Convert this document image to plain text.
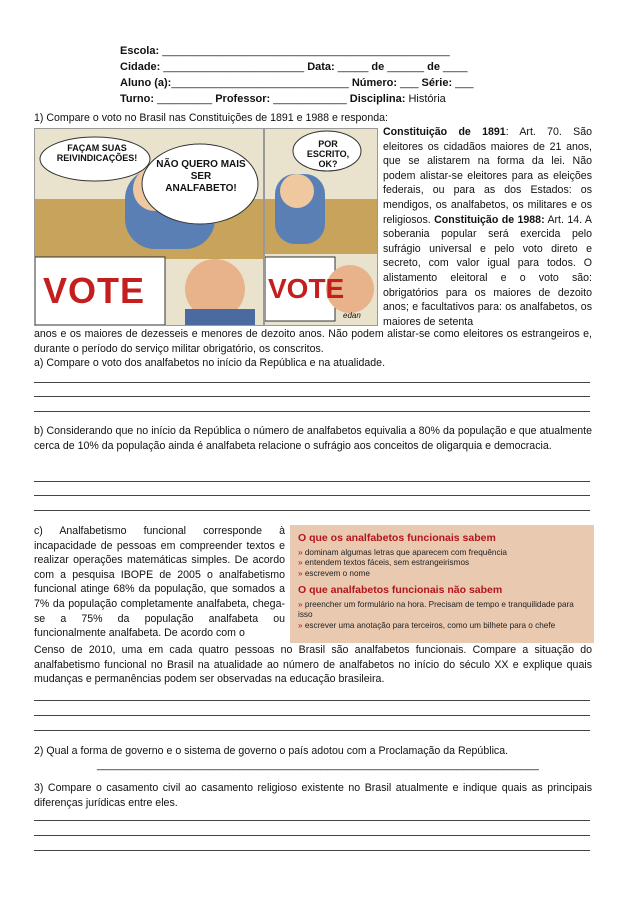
Escola: _______________________________________________
Cidade: _______________________ Data: _____ de ______ de ____
Aluno (a):_____________________________ Número: ___ Série: ___
Turno: _________ Professor: ____________ Disciplina: História
1) Compare o voto no Brasil nas Constituições de 1891 e 1988 e responda:
FAÇAM SUAS REIVINDICAÇÕES!
NÃO QUERO MAIS SER ANALFABETO!
VOTE
POR ESCRITO, OK?
VOTE
edan
Constituição de 1891: Art. 70. São eleitores os cidadãos maiores de 21 anos, que se alistarem na forma da lei. Não podem alistar-se eleitores para as eleições federais, ou para as dos Estados: os mendigos, os analfabetos, os militares e os religiosos. Constituição de 1988: Art. 14. A soberania popular será exercida pelo sufrágio universal e pelo voto direto e secreto, com valor igual para todos. O alistamento eleitoral e o voto são: obrigatórios para os maiores de dezoito anos; e facultativos para: os analfabetos, os maiores de setenta
anos e os maiores de dezesseis e menores de dezoito anos. Não podem alistar-se como eleitores os estrangeiros e, durante o período do serviço militar obrigatório, os conscritos.
a) Compare o voto dos analfabetos no início da República e na atualidade.
b) Considerando que no início da República o número de analfabetos equivalia a 80% da população e que atualmente cerca de 10% da população ainda é analfabeta relacione o sufrágio aos conceitos de oligarquia e democracia.
c) Analfabetismo funcional corresponde à incapacidade de pessoas em compreender textos e realizar operações matemáticas simples. De acordo com a pesquisa IBOPE de 2005 o analfabetismo funcional atinge 68% da população, que somados a 7% da população completamente analfabeta, chega-se a 75% da população analfabeta ou funcionalmente analfabeta. De acordo com o
O que os analfabetos funcionais sabem
» dominam algumas letras que aparecem com frequência
» entendem textos fáceis, sem estrangeirismos
» escrevem o nome
O que analfabetos funcionais não sabem
» preencher um formulário na hora. Precisam de tempo e tranquilidade para isso
» escrever uma anotação para terceiros, como um bilhete para o chefe
Censo de 2010, uma em cada quatro pessoas no Brasil são analfabetos funcionais. Compare a situação do analfabetismo funcional no Brasil na atualidade ao número de analfabetos no início do século XX e explique quais mudanças e permanências podem ser observadas na educação brasileira.
2) Qual a forma de governo e o sistema de governo o país adotou com a Proclamação da República.
___________________________________________________________________________
3) Compare o casamento civil ao casamento religioso existente no Brasil atualmente e indique quais as principais diferenças jurídicas entre eles.
